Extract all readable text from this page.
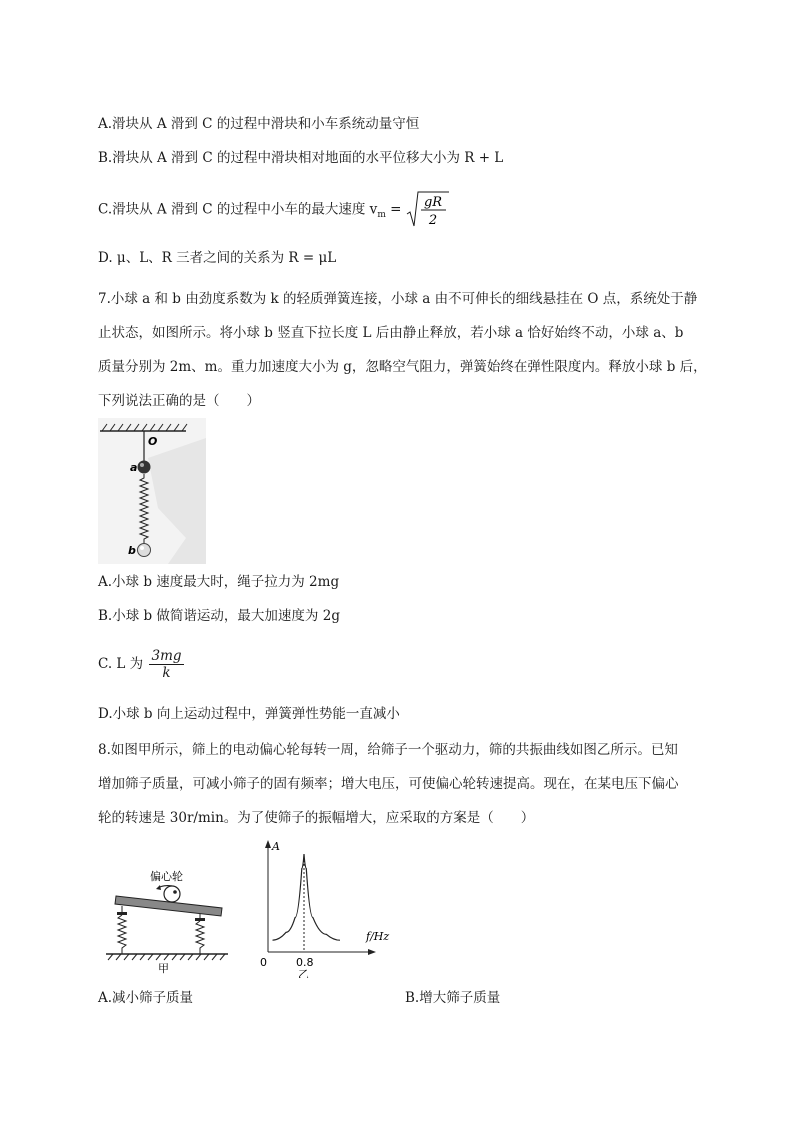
A.滑块从 A 滑到 C 的过程中滑块和小车系统动量守恒
B.滑块从 A 滑到 C 的过程中滑块相对地面的水平位移大小为 R + L
C.滑块从 A 滑到 C 的过程中小车的最大速度 $v_m$ = gR
2
D. μ、L、R 三者之间的关系为 R = μL
7.小球 a 和 b 由劲度系数为 k 的轻质弹簧连接，小球 a 由不可伸长的细线悬挂在 O 点，系统处于静
止状态，如图所示。将小球 b 竖直下拉长度 L 后由静止释放，若小球 a 恰好始终不动，小球 a、b
质量分别为 2m、m。重力加速度大小为 g，忽略空气阻力，弹簧始终在弹性限度内。释放小球 b 后，
下列说法正确的是（　　）
O
a
b
A.小球 b 速度最大时，绳子拉力为 2mg
B.小球 b 做简谐运动，最大加速度为 2g
C. L 为 $\frac{3mg}{k}$
D.小球 b 向上运动过程中，弹簧弹性势能一直减小
8.如图甲所示，筛上的电动偏心轮每转一周，给筛子一个驱动力，筛的共振曲线如图乙所示。已知
增加筛子质量，可减小筛子的固有频率；增大电压，可使偏心轮转速提高。现在，在某电压下偏心
轮的转速是 30r/min。为了使筛子的振幅增大，应采取的方案是（　　）
偏心轮
甲
A
f/Hz
0	0.8
乙
A.减小筛子质量	B.增大筛子质量
